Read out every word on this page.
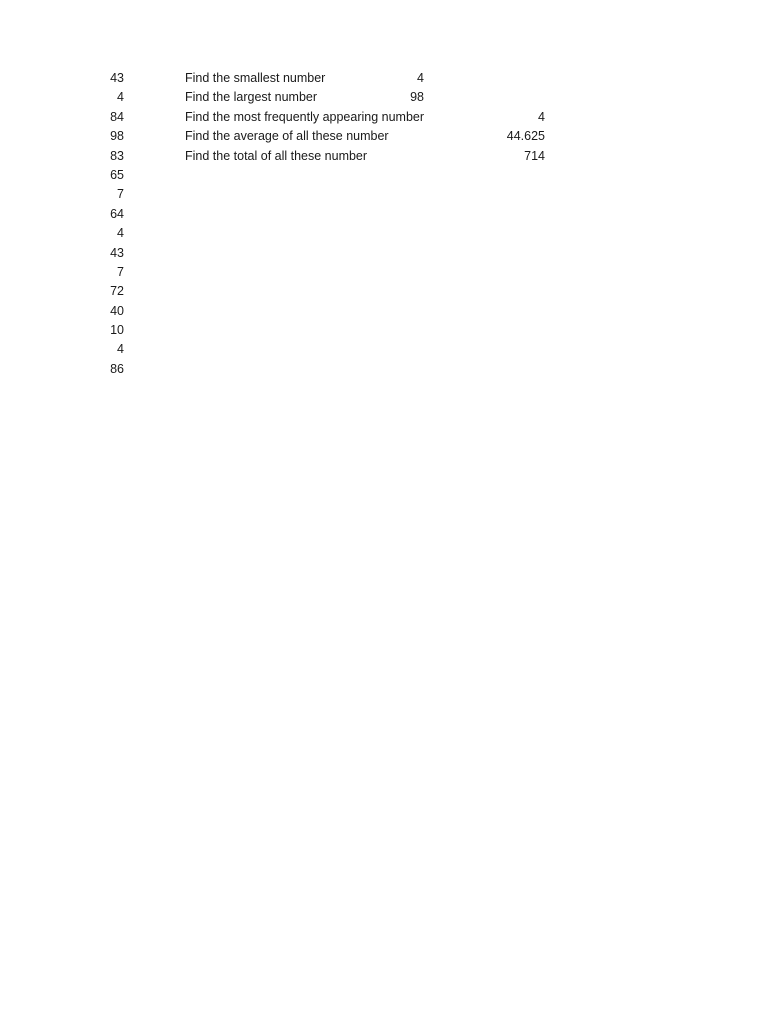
43
4
84
98
83
65
7
64
4
43
7
72
40
10
4
86
Find the smallest number	4
Find the largest number	98
Find the most frequently appearing number	4
Find the average of all these number	44.625
Find the total of all these number	714
